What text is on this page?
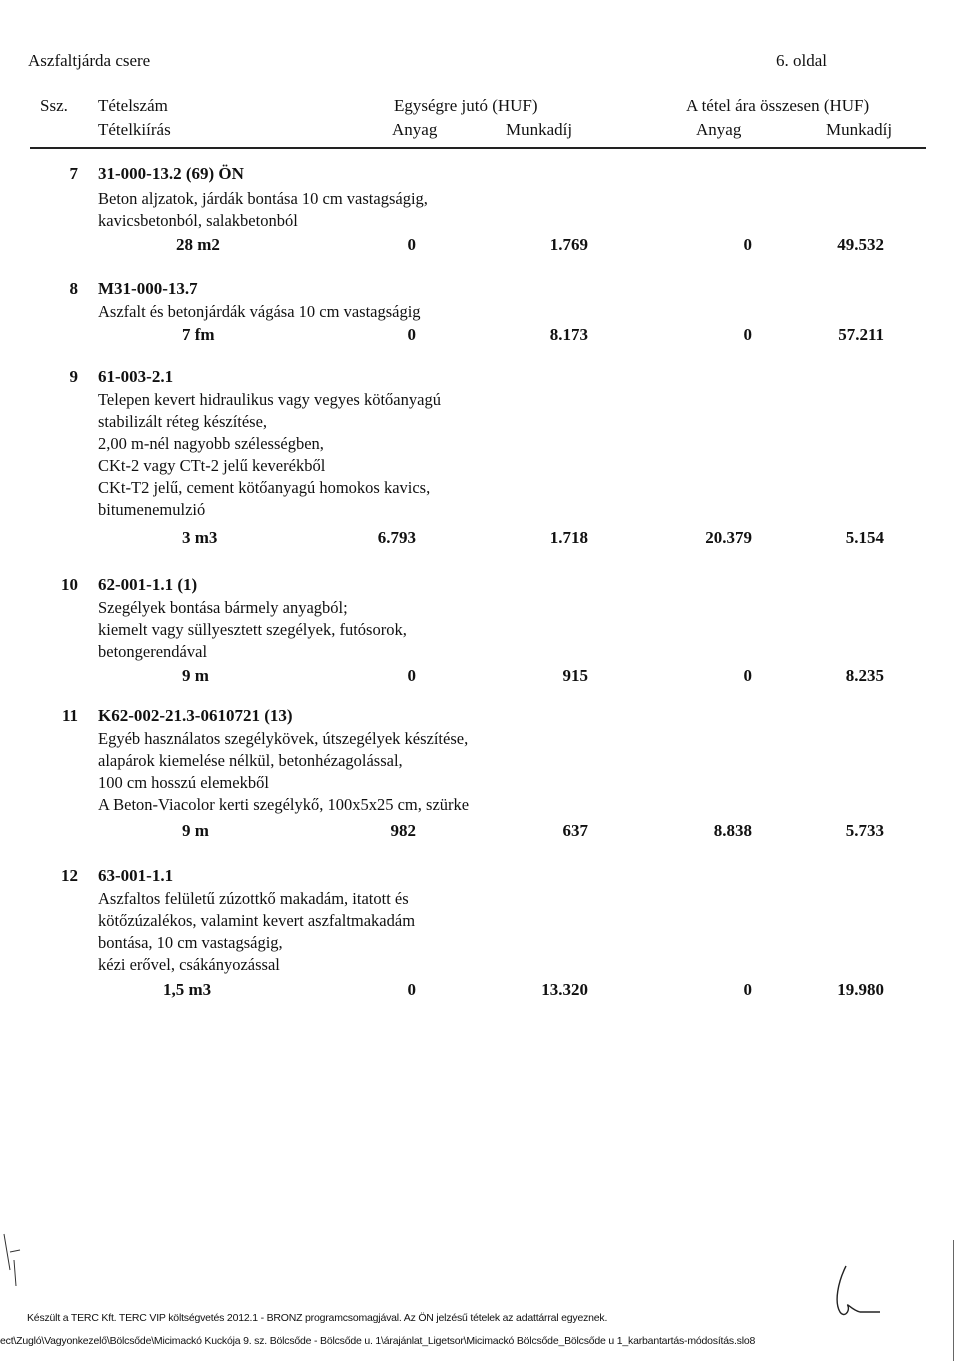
Aszfaltjárda csere	6. oldal
Ssz. Tételszám
Tételkiírás
Egységre jutó (HUF)	A tétel ára összesen (HUF)
Anyag	Munkadíj	Anyag	Munkadíj
7 31-000-13.2 (69) ÖN
Beton aljzatok, járdák bontása 10 cm vastagságig,
kavicsbetonból, salakbetonból
28 m2	0	1.769	0	49.532
8 M31-000-13.7
Aszfalt és betonjárdák vágása 10 cm vastagságig
7 fm	0	8.173	0	57.211
9 61-003-2.1
Telepen kevert hidraulikus vagy vegyes kötőanyagú
stabilizált réteg készítése,
2,00 m-nél nagyobb szélességben,
CKt-2 vagy CTt-2 jelű keverékből
CKt-T2 jelű, cement kötőanyagú homokos kavics,
bitumenemulzió
3 m3	6.793	1.718	20.379	5.154
10 62-001-1.1 (1)
Szegélyek bontása bármely anyagból;
kiemelt vagy süllyesztett szegélyek, futósorok,
betongerendával
9 m	0	915	0	8.235
11 K62-002-21.3-0610721 (13)
Egyéb használatos szegélykövek, útszegélyek készítése,
alapárok kiemelése nélkül, betonhézagolással,
100 cm hosszú elemekből
A Beton-Viacolor kerti szegélykő, 100x5x25 cm, szürke
9 m	982	637	8.838	5.733
12 63-001-1.1
Aszfaltos felületű zúzottkő makadám, itatott és
kötőzúzalékos, valamint kevert aszfaltmakadám
bontása, 10 cm vastagságig,
kézi erővel, csákányozással
1,5 m3	0	13.320	0	19.980
Készült a TERC Kft. TERC VIP költségvetés 2012.1 - BRONZ programcsomagjával. Az ÖN jelzésű tételek az adattárral egyeznek.
ect\Zugló\Vagyonkezelő\Bölcsőde\Micimackó Kuckója 9. sz. Bölcsőde - Bölcsőde u. 1\árajánlat_Ligetsor\Micimackó Bölcsőde_Bölcsőde u 1_karbantartás-módosítás.slo8
